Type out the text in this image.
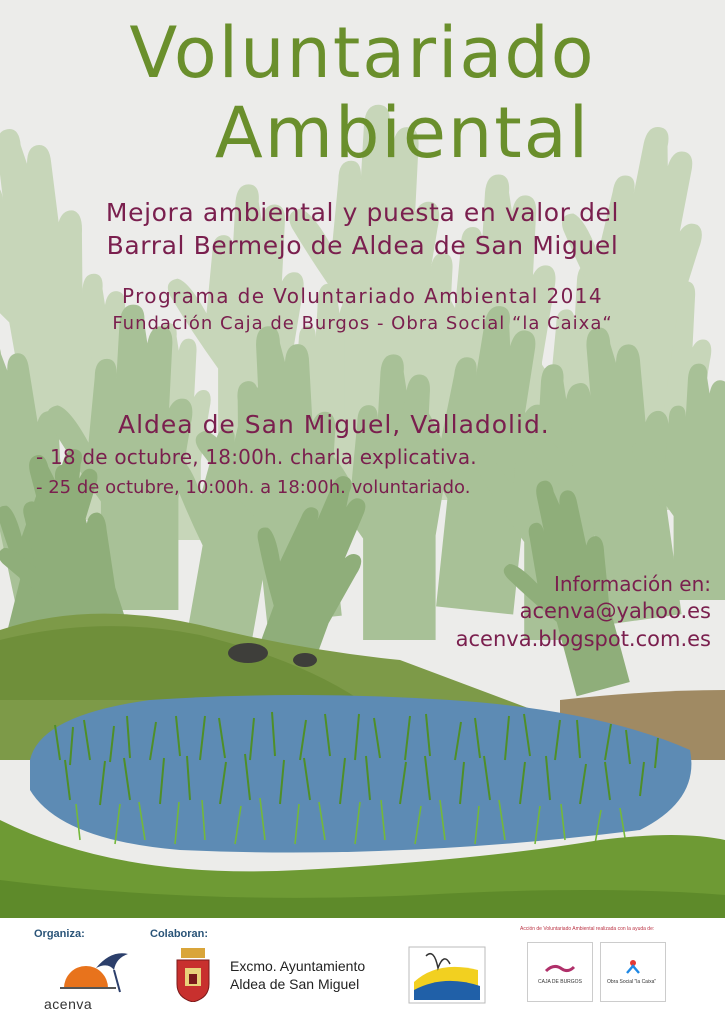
Voluntariado
Ambiental
Mejora ambiental y puesta en valor del
Barral Bermejo de Aldea de San Miguel
Programa de Voluntariado Ambiental 2014
Fundación Caja de Burgos - Obra Social “la Caixa“
Aldea de San Miguel, Valladolid.
- 18 de octubre, 18:00h. charla explicativa.
- 25 de octubre, 10:00h. a 18:00h. voluntariado.
Información en:
acenva@yahoo.es
acenva.blogspot.com.es
Organiza:
acenva
Colaboran:
Excmo. Ayuntamiento
Aldea de San Miguel
Acción de Voluntariado Ambiental realizada con la ayuda de:
CAJA DE BURGOS	Obra Social "la Caixa"
